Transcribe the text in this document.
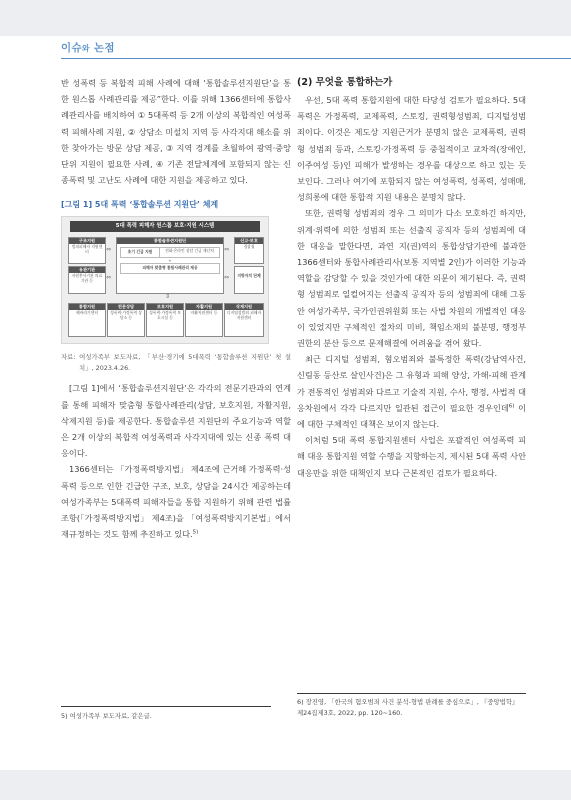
이슈와 논점

반 성폭력 등 복합적 피해 사례에 대해 ‘통합솔루션지원단’을 통한 원스톱 사례관리를 제공”한다. 이를 위해 1366센터에 통합사례관리사를 배치하여 ① 5대폭력 등 2개 이상의 복합적인 여성폭력 피해사례 지원, ② 상담소 미설치 지역 등 사각지대 해소를 위한 찾아가는 방문 상담 제공, ③ 지역 경계를 초월하여 광역·중앙 단위 지원이 필요한 사례, ④ 기존 전달체계에 포함되지 않는 신종폭력 및 고난도 사례에 대한 지원을 제공하고 있다.

[그림 1] 5대 폭력 ‘통합솔루션 지원단’ 체계

5대 폭력 피해자 원스톱 보호·지원 시스템
구조지원
범죄피해자 지원센터
유관기관
자원봉사기관 의료기관 등
⇔
⇔
통합솔루션지원단
초기 긴급 지원	전화·온라인 상담 긴급 재난처
+
피해자 맞춤형 통합사례관리 제공
⇔
⇔
신고·보호
경찰청
지방자치 단체
⇕
통합지원
해바라기센터
전문상담
성폭력·가정폭력 상담소 등
보호지원
성폭력·가정폭력 보호시설 등
자활지원
자활지원센터 등
삭제지원
디지털성범죄 피해자 지원센터

자료: 여성가족부 보도자료, 「부산·경기에 5대폭력 ‘통합솔루션 지원단’ 첫 설치」, 2023.4.26.

[그림 1]에서 ‘통합솔루션지원단’은 각각의 전문기관과의 연계를 통해 피해자 맞춤형 통합사례관리(상담, 보호지원, 자활지원, 삭제지원 등)를 제공한다. 통합솔루션 지원단의 주요기능과 역할은 2개 이상의 복합적 여성폭력과 사각지대에 있는 신종 폭력 대응이다.

1366센터는 「가정폭력방지법」 제4조에 근거해 가정폭력·성폭력 등으로 인한 긴급한 구조, 보호, 상담을 24시간 제공하는데 여성가족부는 5대폭력 피해자들을 통합 지원하기 위해 관련 법률조항(「가정폭력방지법」 제4조)을 「여성폭력방지기본법」에서 재규정하는 것도 함께 추진하고 있다.$^{5)}$

(2) 무엇을 통합하는가

우선, 5대 폭력 통합지원에 대한 타당성 검토가 필요하다. 5대 폭력은 가정폭력, 교제폭력, 스토킹, 권력형성범죄, 디지털성범죄이다. 이것은 제도상 지원근거가 분명치 않은 교제폭력, 권력형 성범죄 등과, 스토킹·가정폭력 등 중첩적이고 교차적(장애인, 이주여성 등)인 피해가 발생하는 경우를 대상으로 하고 있는 듯 보인다. 그러나 여기에 포함되지 않는 여성폭력, 성폭력, 성매매, 성희롱에 대한 통합적 지원 내용은 분명치 않다.

또한, 권력형 성범죄의 경우 그 의미가 다소 모호하긴 하지만, 위계·위력에 의한 성범죄 또는 선출직 공직자 등의 성범죄에 대한 대응을 말한다면, 과연 지(권)역의 통합상담기관에 불과한 1366센터와 통합사례관리사(보통 지역별 2인)가 이러한 기능과 역할을 감당할 수 있을 것인가에 대한 의문이 제기된다. 즉, 권력형 성범죄로 일컬어지는 선출직 공직자 등의 성범죄에 대해 그동안 여성가족부, 국가인권위원회 또는 사법 차원의 개별적인 대응이 있었지만 구체적인 절차의 미비, 책임소재의 불분명, 행정부 권한의 분산 등으로 문제해결에 어려움을 겪어 왔다.

최근 디지털 성범죄, 혐오범죄와 불특정한 폭력(강남역사건, 신림동 등산로 살인사건)은 그 유형과 피해 양상, 가해-피해 관계가 전통적인 성범죄와 다르고 기술적 지원, 수사, 행정, 사법적 대응차원에서 각각 다르지만 일관된 접근이 필요한 경우인데$^{6)}$ 이에 대한 구체적인 대책은 보이지 않는다.

이처럼 5대 폭력 통합지원센터 사업은 포괄적인 여성폭력 피해 대응 통합지원 역할 수행을 지향하는지, 제시된 5대 폭력 사안대응만을 위한 대책인지 보다 근본적인 검토가 필요하다.

5) 여성가족부 보도자료, 같은글.
6) 장진영, 「한국의 혐오범죄 사건 분석-형법 판례를 중심으로」, 『중앙법학』 제24집제3호, 2022, pp. 120~160.
